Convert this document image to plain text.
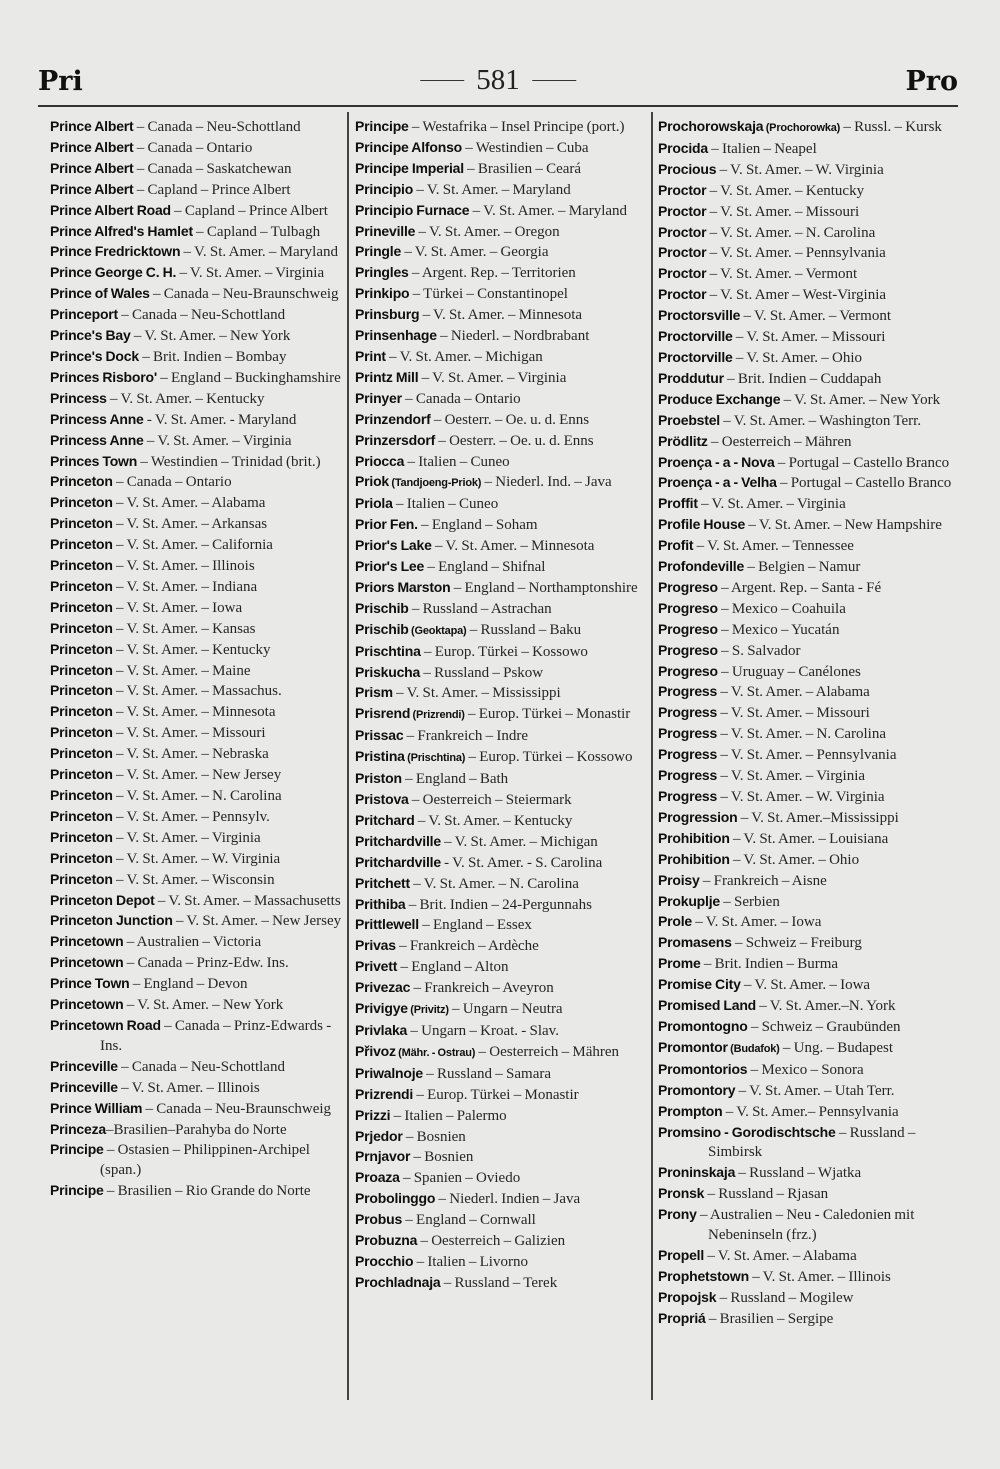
Pri	581	Pro
Prince Albert – Canada – Neu-Schottland
Prince Albert – Canada – Ontario
Prince Albert – Canada – Saskatchewan
Prince Albert – Capland – Prince Albert
Prince Albert Road – Capland – Prince Albert
Prince Alfred's Hamlet – Capland – Tulbagh
Prince Fredricktown – V. St. Amer. – Maryland
Prince George C. H. – V. St. Amer. – Virginia
Prince of Wales – Canada – Neu-Braunschweig
Princeport – Canada – Neu-Schottland
Prince's Bay – V. St. Amer. – New York
Prince's Dock – Brit. Indien – Bombay
Princes Risboro' – England – Buckinghamshire
Princess – V. St. Amer. – Kentucky
Princess Anne - V. St. Amer. - Maryland
Princess Anne – V. St. Amer. – Virginia
Princes Town – Westindien – Trinidad (brit.)
Princeton – Canada – Ontario
Princeton – V. St. Amer. – Alabama
Princeton – V. St. Amer. – Arkansas
Princeton – V. St. Amer. – California
Princeton – V. St. Amer. – Illinois
Princeton – V. St. Amer. – Indiana
Princeton – V. St. Amer. – Iowa
Princeton – V. St. Amer. – Kansas
Princeton – V. St. Amer. – Kentucky
Princeton – V. St. Amer. – Maine
Princeton – V. St. Amer. – Massachus.
Princeton – V. St. Amer. – Minnesota
Princeton – V. St. Amer. – Missouri
Princeton – V. St. Amer. – Nebraska
Princeton – V. St. Amer. – New Jersey
Princeton – V. St. Amer. – N. Carolina
Princeton – V. St. Amer. – Pennsylv.
Princeton – V. St. Amer. – Virginia
Princeton – V. St. Amer. – W. Virginia
Princeton – V. St. Amer. – Wisconsin
Princeton Depot – V. St. Amer. – Massachusetts
Princeton Junction – V. St. Amer. – New Jersey
Princetown – Australien – Victoria
Princetown – Canada – Prinz-Edw. Ins.
Prince Town – England – Devon
Princetown – V. St. Amer. – New York
Princetown Road – Canada – Prinz-Edwards - Ins.
Princeville – Canada – Neu-Schottland
Princeville – V. St. Amer. – Illinois
Prince William – Canada – Neu-Braunschweig
Princeza–Brasilien–Parahyba do Norte
Principe – Ostasien – Philippinen-Archipel (span.)
Principe – Brasilien – Rio Grande do Norte
Principe – Westafrika – Insel Principe (port.)
Principe Alfonso – Westindien – Cuba
Principe Imperial – Brasilien – Ceará
Principio – V. St. Amer. – Maryland
Principio Furnace – V. St. Amer. – Maryland
Prineville – V. St. Amer. – Oregon
Pringle – V. St. Amer. – Georgia
Pringles – Argent. Rep. – Territorien
Prinkipo – Türkei – Constantinopel
Prinsburg – V. St. Amer. – Minnesota
Prinsenhage – Niederl. – Nordbrabant
Print – V. St. Amer. – Michigan
Printz Mill – V. St. Amer. – Virginia
Prinyer – Canada – Ontario
Prinzendorf – Oesterr. – Oe. u. d. Enns
Prinzersdorf – Oesterr. – Oe. u. d. Enns
Priocca – Italien – Cuneo
Priok (Tandjoeng-Priok) – Niederl. Ind. – Java
Priola – Italien – Cuneo
Prior Fen. – England – Soham
Prior's Lake – V. St. Amer. – Minnesota
Prior's Lee – England – Shifnal
Priors Marston – England – Northamptonshire
Prischib – Russland – Astrachan
Prischib (Geoktapa) – Russland – Baku
Prischtina – Europ. Türkei – Kossowo
Priskucha – Russland – Pskow
Prism – V. St. Amer. – Mississippi
Prisrend (Prizrendi) – Europ. Türkei – Monastir
Prissac – Frankreich – Indre
Pristina (Prischtina) – Europ. Türkei – Kossowo
Priston – England – Bath
Pristova – Oesterreich – Steiermark
Pritchard – V. St. Amer. – Kentucky
Pritchardville – V. St. Amer. – Michigan
Pritchardville - V. St. Amer. - S. Carolina
Pritchett – V. St. Amer. – N. Carolina
Prithiba – Brit. Indien – 24-Pergunnahs
Prittlewell – England – Essex
Privas – Frankreich – Ardèche
Privett – England – Alton
Privezac – Frankreich – Aveyron
Privigye (Privitz) – Ungarn – Neutra
Privlaka – Ungarn – Kroat. - Slav.
Přivoz (Mähr. - Ostrau) – Oesterreich – Mähren
Priwalnoje – Russland – Samara
Prizrendi – Europ. Türkei – Monastir
Prizzi – Italien – Palermo
Prjedor – Bosnien
Prnjavor – Bosnien
Proaza – Spanien – Oviedo
Probolinggo – Niederl. Indien – Java
Probus – England – Cornwall
Probuzna – Oesterreich – Galizien
Procchio – Italien – Livorno
Prochladnaja – Russland – Terek
Prochorowskaja (Prochorowka) – Russl. – Kursk
Procida – Italien – Neapel
Procious – V. St. Amer. – W. Virginia
Proctor – V. St. Amer. – Kentucky
Proctor – V. St. Amer. – Missouri
Proctor – V. St. Amer. – N. Carolina
Proctor – V. St. Amer. – Pennsylvania
Proctor – V. St. Amer. – Vermont
Proctor – V. St. Amer – West-Virginia
Proctorsville – V. St. Amer. – Vermont
Proctorville – V. St. Amer. – Missouri
Proctorville – V. St. Amer. – Ohio
Proddutur – Brit. Indien – Cuddapah
Produce Exchange – V. St. Amer. – New York
Proebstel – V. St. Amer. – Washington Terr.
Prödlitz – Oesterreich – Mähren
Proença - a - Nova – Portugal – Castello Branco
Proença - a - Velha – Portugal – Castello Branco
Proffit – V. St. Amer. – Virginia
Profile House – V. St. Amer. – New Hampshire
Profit – V. St. Amer. – Tennessee
Profondeville – Belgien – Namur
Progreso – Argent. Rep. – Santa - Fé
Progreso – Mexico – Coahuila
Progreso – Mexico – Yucatán
Progreso – S. Salvador
Progreso – Uruguay – Canélones
Progress – V. St. Amer. – Alabama
Progress – V. St. Amer. – Missouri
Progress – V. St. Amer. – N. Carolina
Progress – V. St. Amer. – Pennsylvania
Progress – V. St. Amer. – Virginia
Progress – V. St. Amer. – W. Virginia
Progression – V. St. Amer.–Mississippi
Prohibition – V. St. Amer. – Louisiana
Prohibition – V. St. Amer. – Ohio
Proisy – Frankreich – Aisne
Prokuplje – Serbien
Prole – V. St. Amer. – Iowa
Promasens – Schweiz – Freiburg
Prome – Brit. Indien – Burma
Promise City – V. St. Amer. – Iowa
Promised Land – V. St. Amer.–N. York
Promontogno – Schweiz – Graubünden
Promontor (Budafok) – Ung. – Budapest
Promontorios – Mexico – Sonora
Promontory – V. St. Amer. – Utah Terr.
Prompton – V. St. Amer.– Pennsylvania
Promsino - Gorodischtsche – Russland – Simbirsk
Proninskaja – Russland – Wjatka
Pronsk – Russland – Rjasan
Prony – Australien – Neu - Caledonien mit Nebeninseln (frz.)
Propell – V. St. Amer. – Alabama
Prophetstown – V. St. Amer. – Illinois
Propojsk – Russland – Mogilew
Propriá – Brasilien – Sergipe
